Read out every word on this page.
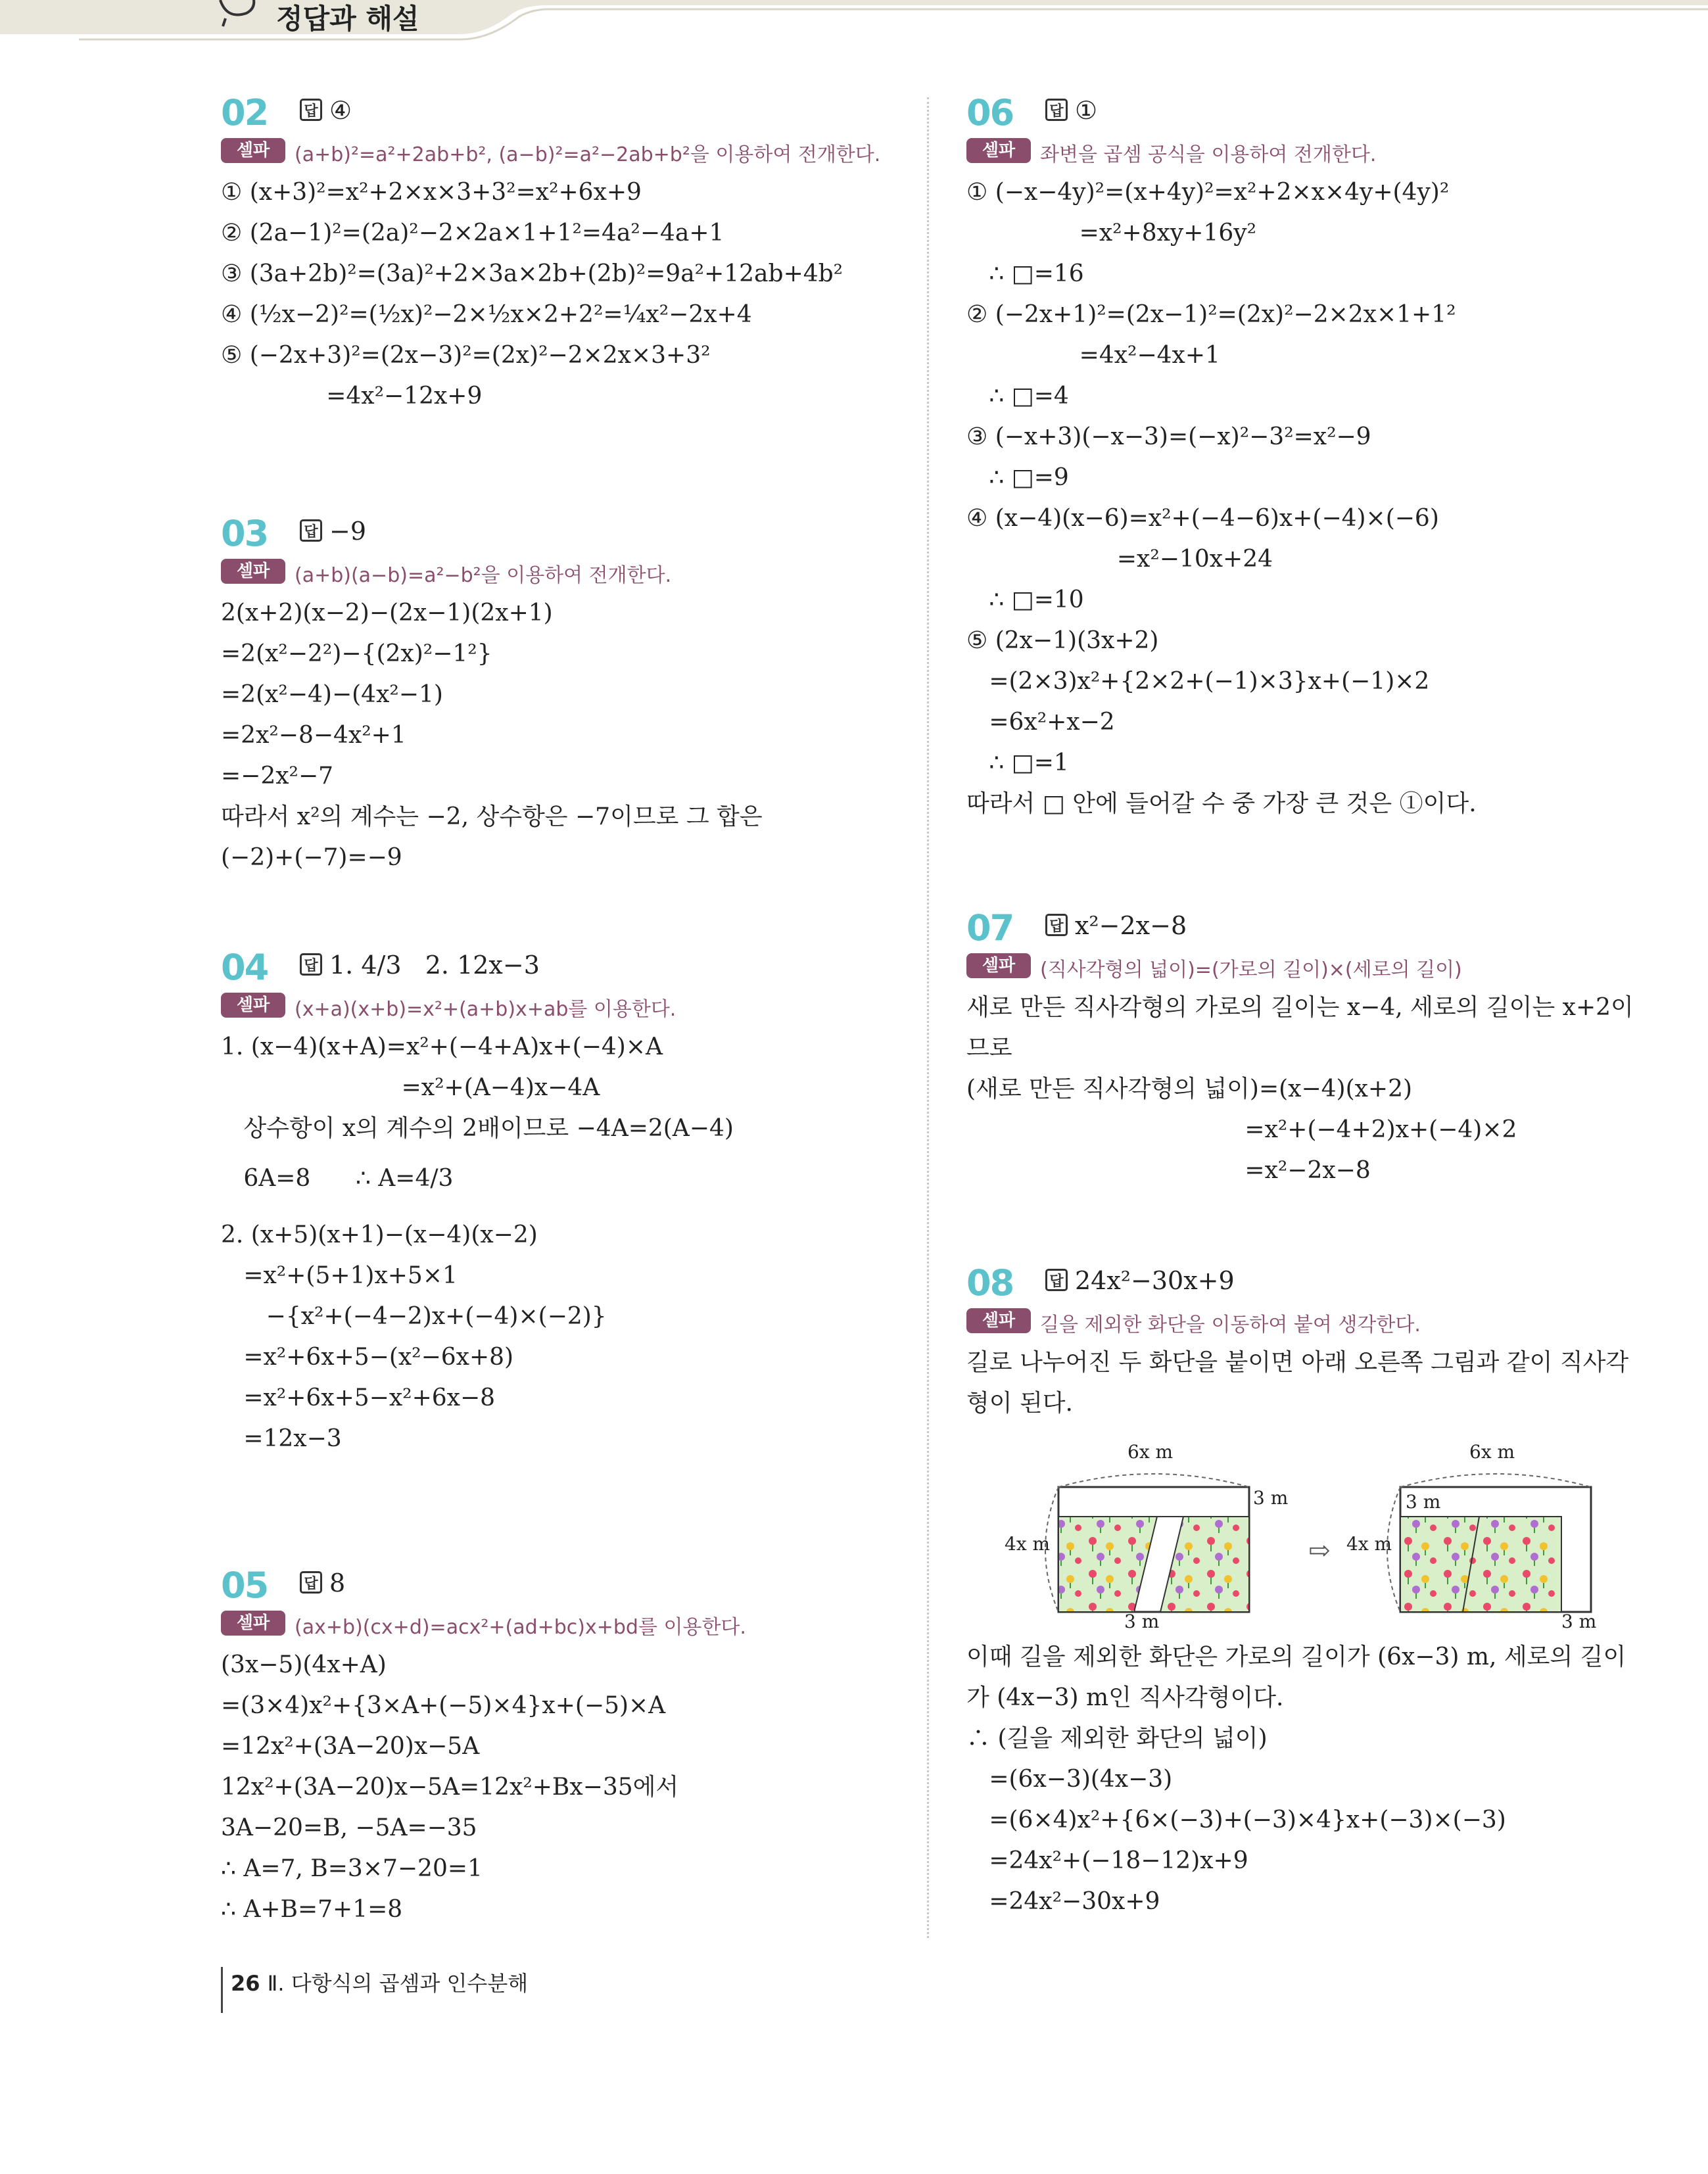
정답과 해설
02	답 ④
셀파	(a+b)²=a²+2ab+b², (a−b)²=a²−2ab+b²을 이용하여 전개한다.
① (x+3)²=x²+2×x×3+3²=x²+6x+9
② (2a−1)²=(2a)²−2×2a×1+1²=4a²−4a+1
③ (3a+2b)²=(3a)²+2×3a×2b+(2b)²=9a²+12ab+4b²
④ (½x−2)²=(½x)²−2×½x×2+2²=¼x²−2x+4
⑤ (−2x+3)²=(2x−3)²=(2x)²−2×2x×3+3²
=4x²−12x+9
03	답 −9
셀파	(a+b)(a−b)=a²−b²을 이용하여 전개한다.
2(x+2)(x−2)−(2x−1)(2x+1)
=2(x²−2²)−{(2x)²−1²}
=2(x²−4)−(4x²−1)
=2x²−8−4x²+1
=−2x²−7
따라서 x²의 계수는 −2, 상수항은 −7이므로 그 합은
(−2)+(−7)=−9
04	답 1. 4/3   2. 12x−3
셀파	(x+a)(x+b)=x²+(a+b)x+ab를 이용한다.
1. (x−4)(x+A)=x²+(−4+A)x+(−4)×A
=x²+(A−4)x−4A
상수항이 x의 계수의 2배이므로 −4A=2(A−4)
6A=8      ∴ A=4/3
2. (x+5)(x+1)−(x−4)(x−2)
=x²+(5+1)x+5×1
−{x²+(−4−2)x+(−4)×(−2)}
=x²+6x+5−(x²−6x+8)
=x²+6x+5−x²+6x−8
=12x−3
05	답 8
셀파	(ax+b)(cx+d)=acx²+(ad+bc)x+bd를 이용한다.
(3x−5)(4x+A)
=(3×4)x²+{3×A+(−5)×4}x+(−5)×A
=12x²+(3A−20)x−5A
12x²+(3A−20)x−5A=12x²+Bx−35에서
3A−20=B, −5A=−35
∴ A=7, B=3×7−20=1
∴ A+B=7+1=8
06	답 ①
셀파	좌변을 곱셈 공식을 이용하여 전개한다.
① (−x−4y)²=(x+4y)²=x²+2×x×4y+(4y)²
=x²+8xy+16y²
∴ □=16
② (−2x+1)²=(2x−1)²=(2x)²−2×2x×1+1²
=4x²−4x+1
∴ □=4
③ (−x+3)(−x−3)=(−x)²−3²=x²−9
∴ □=9
④ (x−4)(x−6)=x²+(−4−6)x+(−4)×(−6)
=x²−10x+24
∴ □=10
⑤ (2x−1)(3x+2)
=(2×3)x²+{2×2+(−1)×3}x+(−1)×2
=6x²+x−2
∴ □=1
따라서 □ 안에 들어갈 수 중 가장 큰 것은 ①이다.
07	답 x²−2x−8
셀파	(직사각형의 넓이)=(가로의 길이)×(세로의 길이)
새로 만든 직사각형의 가로의 길이는 x−4, 세로의 길이는 x+2이
므로
(새로 만든 직사각형의 넓이)=(x−4)(x+2)
=x²+(−4+2)x+(−4)×2
=x²−2x−8
08	답 24x²−30x+9
셀파	길을 제외한 화단을 이동하여 붙여 생각한다.
길로 나누어진 두 화단을 붙이면 아래 오른쪽 그림과 같이 직사각
형이 된다.
⇨
6x m
4x m
3 m
3 m
6x m
4x m
3 m
3 m
이때 길을 제외한 화단은 가로의 길이가 (6x−3) m, 세로의 길이
가 (4x−3) m인 직사각형이다.
∴ (길을 제외한 화단의 넓이)
=(6x−3)(4x−3)
=(6×4)x²+{6×(−3)+(−3)×4}x+(−3)×(−3)
=24x²+(−18−12)x+9
=24x²−30x+9
26 Ⅱ. 다항식의 곱셈과 인수분해
